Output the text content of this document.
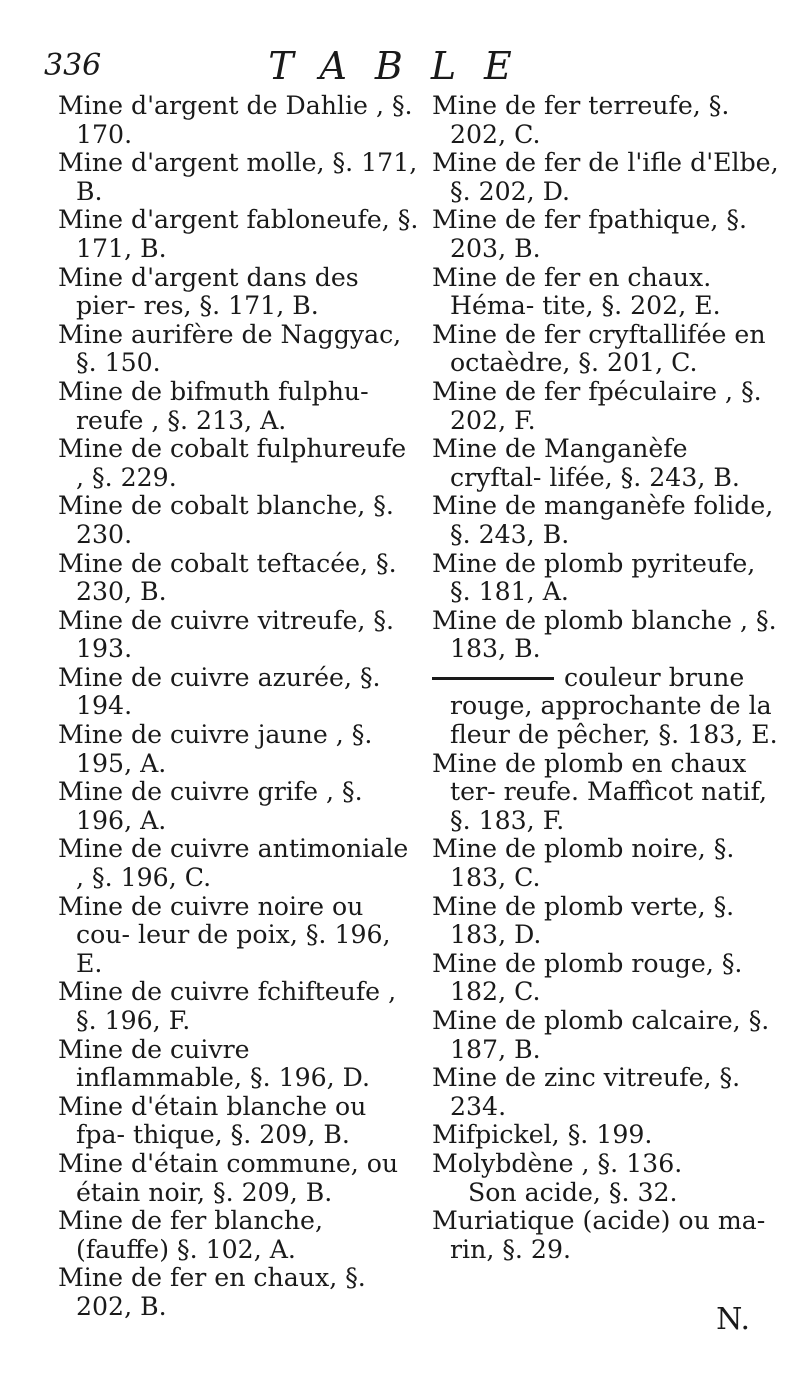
336	TABLE

Mine d'argent de Dahlie , §. 170.

Mine d'argent molle, §. 171, B.

Mine d'argent fabloneufe, §. 171, B.

Mine d'argent dans des pier- res, §. 171, B.

Mine aurifère de Naggyac, §. 150.

Mine de bifmuth fulphu- reufe , §. 213, A.

Mine de cobalt fulphureufe , §. 229.

Mine de cobalt blanche, §. 230.

Mine de cobalt teftacée, §. 230, B.

Mine de cuivre vitreufe, §. 193.

Mine de cuivre azurée, §. 194.

Mine de cuivre jaune , §. 195, A.

Mine de cuivre grife , §. 196, A.

Mine de cuivre antimoniale , §. 196, C.

Mine de cuivre noire ou cou- leur de poix, §. 196, E.

Mine de cuivre fchifteufe , §. 196, F.

Mine de cuivre inflammable, §. 196, D.

Mine d'étain blanche ou fpa- thique, §. 209, B.

Mine d'étain commune, ou étain noir, §. 209, B.

Mine de fer blanche, (fauffe) §. 102, A.

Mine de fer en chaux, §. 202, B.

Mine de fer terreufe, §. 202, C.

Mine de fer de l'ifle d'Elbe, §. 202, D.

Mine de fer fpathique, §. 203, B.

Mine de fer en chaux. Héma- tite, §. 202, E.

Mine de fer cryftallifée en octaèdre, §. 201, C.

Mine de fer fpéculaire , §. 202, F.

Mine de Manganèfe cryftal- lifée, §. 243, B.

Mine de manganèfe folide, §. 243, B.

Mine de plomb pyriteufe, §. 181, A.

Mine de plomb blanche , §. 183, B.

couleur brune rouge, approchante de la fleur de pêcher, §. 183, E.

Mine de plomb en chaux ter- reufe. Maffìcot natif, §. 183, F.

Mine de plomb noire, §. 183, C.

Mine de plomb verte, §. 183, D.

Mine de plomb rouge, §. 182, C.

Mine de plomb calcaire, §. 187, B.

Mine de zinc vitreufe, §. 234.

Mifpickel, §. 199.

Molybdène , §. 136.

Son acide, §. 32.

Muriatique (acide) ou ma- rin, §. 29.

N.
